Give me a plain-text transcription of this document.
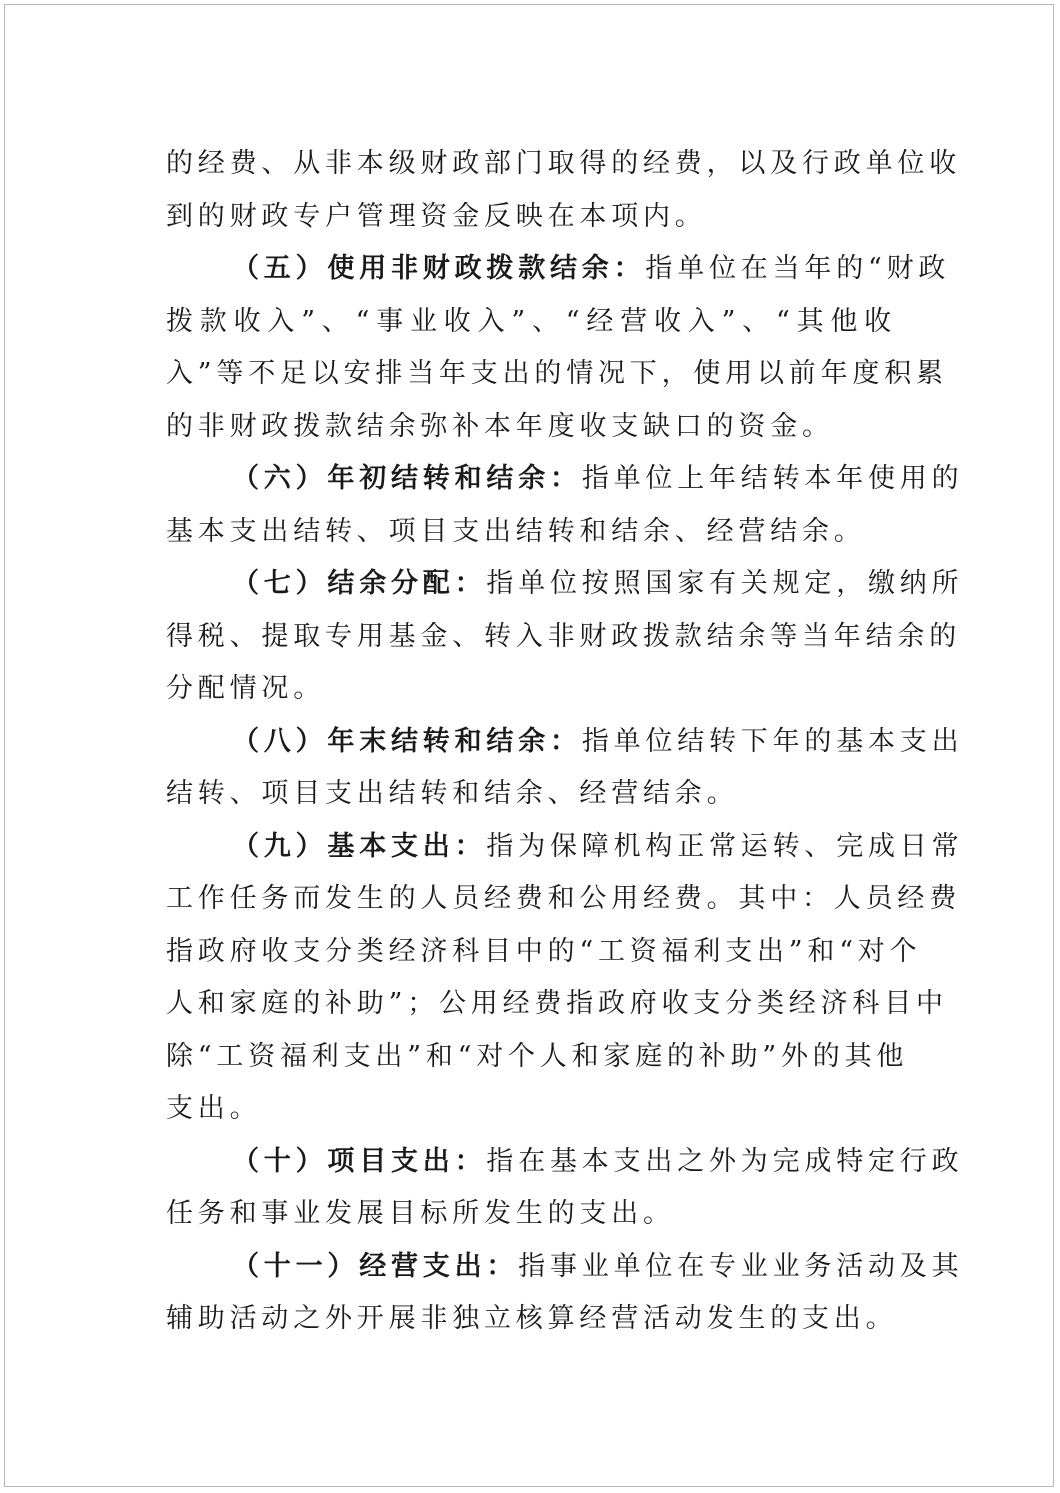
的经费、从非本级财政部门取得的经费，以及行政单位收
到的财政专户管理资金反映在本项内。
（五）使用非财政拨款结余：指单位在当年的“财政
拨款收入”、“事业收入”、“经营收入”、“其他收
入”等不足以安排当年支出的情况下，使用以前年度积累
的非财政拨款结余弥补本年度收支缺口的资金。
（六）年初结转和结余：指单位上年结转本年使用的
基本支出结转、项目支出结转和结余、经营结余。
（七）结余分配：指单位按照国家有关规定，缴纳所
得税、提取专用基金、转入非财政拨款结余等当年结余的
分配情况。
（八）年末结转和结余：指单位结转下年的基本支出
结转、项目支出结转和结余、经营结余。
（九）基本支出：指为保障机构正常运转、完成日常
工作任务而发生的人员经费和公用经费。其中：人员经费
指政府收支分类经济科目中的“工资福利支出”和“对个
人和家庭的补助”；公用经费指政府收支分类经济科目中
除“工资福利支出”和“对个人和家庭的补助”外的其他
支出。
（十）项目支出：指在基本支出之外为完成特定行政
任务和事业发展目标所发生的支出。
（十一）经营支出：指事业单位在专业业务活动及其
辅助活动之外开展非独立核算经营活动发生的支出。
